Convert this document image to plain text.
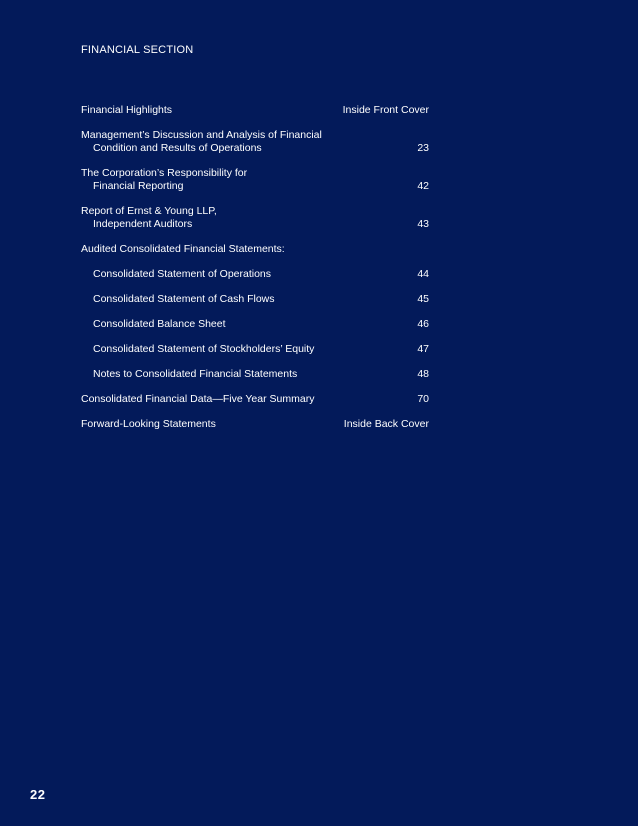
FINANCIAL SECTION
Financial Highlights	Inside Front Cover
Management’s Discussion and Analysis of Financial
Condition and Results of Operations	23
The Corporation’s Responsibility for
Financial Reporting	42
Report of Ernst & Young LLP,
Independent Auditors	43
Audited Consolidated Financial Statements:
Consolidated Statement of Operations	44
Consolidated Statement of Cash Flows	45
Consolidated Balance Sheet	46
Consolidated Statement of Stockholders’ Equity	47
Notes to Consolidated Financial Statements	48
Consolidated Financial Data—Five Year Summary	70
Forward-Looking Statements	Inside Back Cover
22
